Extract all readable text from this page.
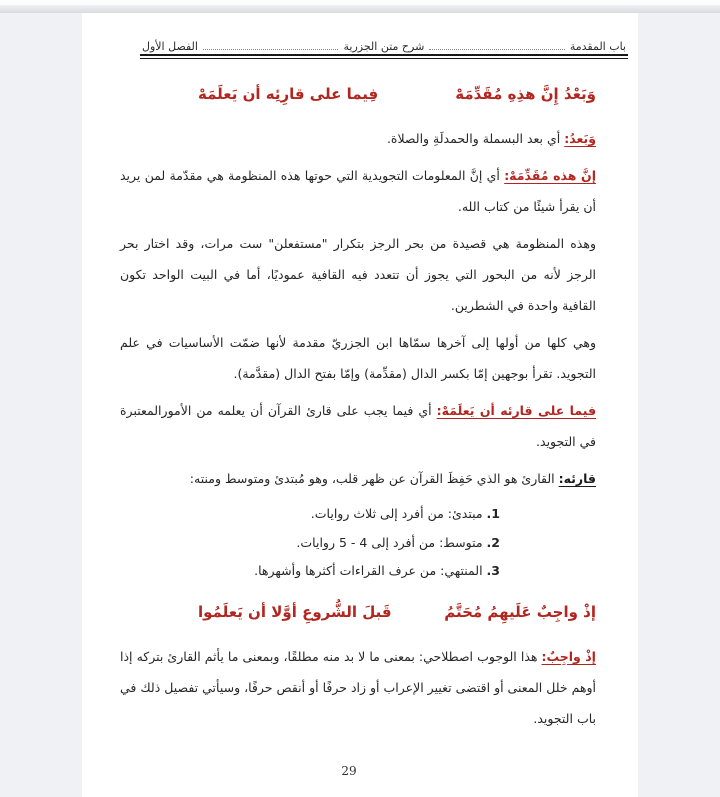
باب المقدمة
شرح متن الجزرية
الفصل الأول
وَبَعْدُ إِنَّ هذِهِ مُقَدِّمَهْ
فِيما على قارِئِه أن يَعلَمَهْ

وَبَعدُ: أي بعد البسملة والحمدلَةِ والصلاة.

إنَّ هذه مُقَدِّمَهْ: أي إنَّ المعلومات التجويدية التي حوتها هذه المنظومة هي مقدّمة لمن يريد أن يقرأ شيئًا من كتاب الله.

وهذه المنظومة هي قصيدة من بحر الرجز بتكرار "مستفعلن" ست مرات، وقد اختار بحر الرجز لأنه من البحور التي يجوز أن تتعدد فيه القافية عموديًا، أما في البيت الواحد تكون القافية واحدة في الشطرين.

وهي كلها من أولها إلى آخرها سمّاها ابن الجزريّ مقدمة لأنها ضمّت الأساسيات في علم التجويد. تقرأ بوجهين إمّا بكسر الدال (مقدِّمة) وإمّا بفتح الدال (مقدَّمة).

فيما على قارئه أن يَعلَمَهْ: أي فيما يجب على قارئ القرآن أن يعلمه من الأمورالمعتبرة في التجويد.

قارئه: القارئ هو الذي حَفِظَ القرآن عن ظهر قلب، وهو مُبتدئ ومتوسط ومنته:

1. مبتدئ: من أفرد إلى ثلاث روايات.
2. متوسط: من أفرد إلى 4 - 5 روايات.
3. المنتهي: من عرف القراءات أكثرها وأشهرها.
إذْ واجِبٌ عَلَيهِمُ مُحَتَّمُ
قَبلَ الشُّروعِ أوَّلا أن يَعلَمُوا

إذْ واجِبٌ: هذا الوجوب اصطلاحي: بمعنى ما لا بد منه مطلقًا، وبمعنى ما يأثم القارئ بتركه إذا أوهم خلل المعنى أو اقتضى تغيير الإعراب أو زاد حرفًا أو أنقص حرفًا، وسيأتي تفصيل ذلك في باب التجويد.

29
